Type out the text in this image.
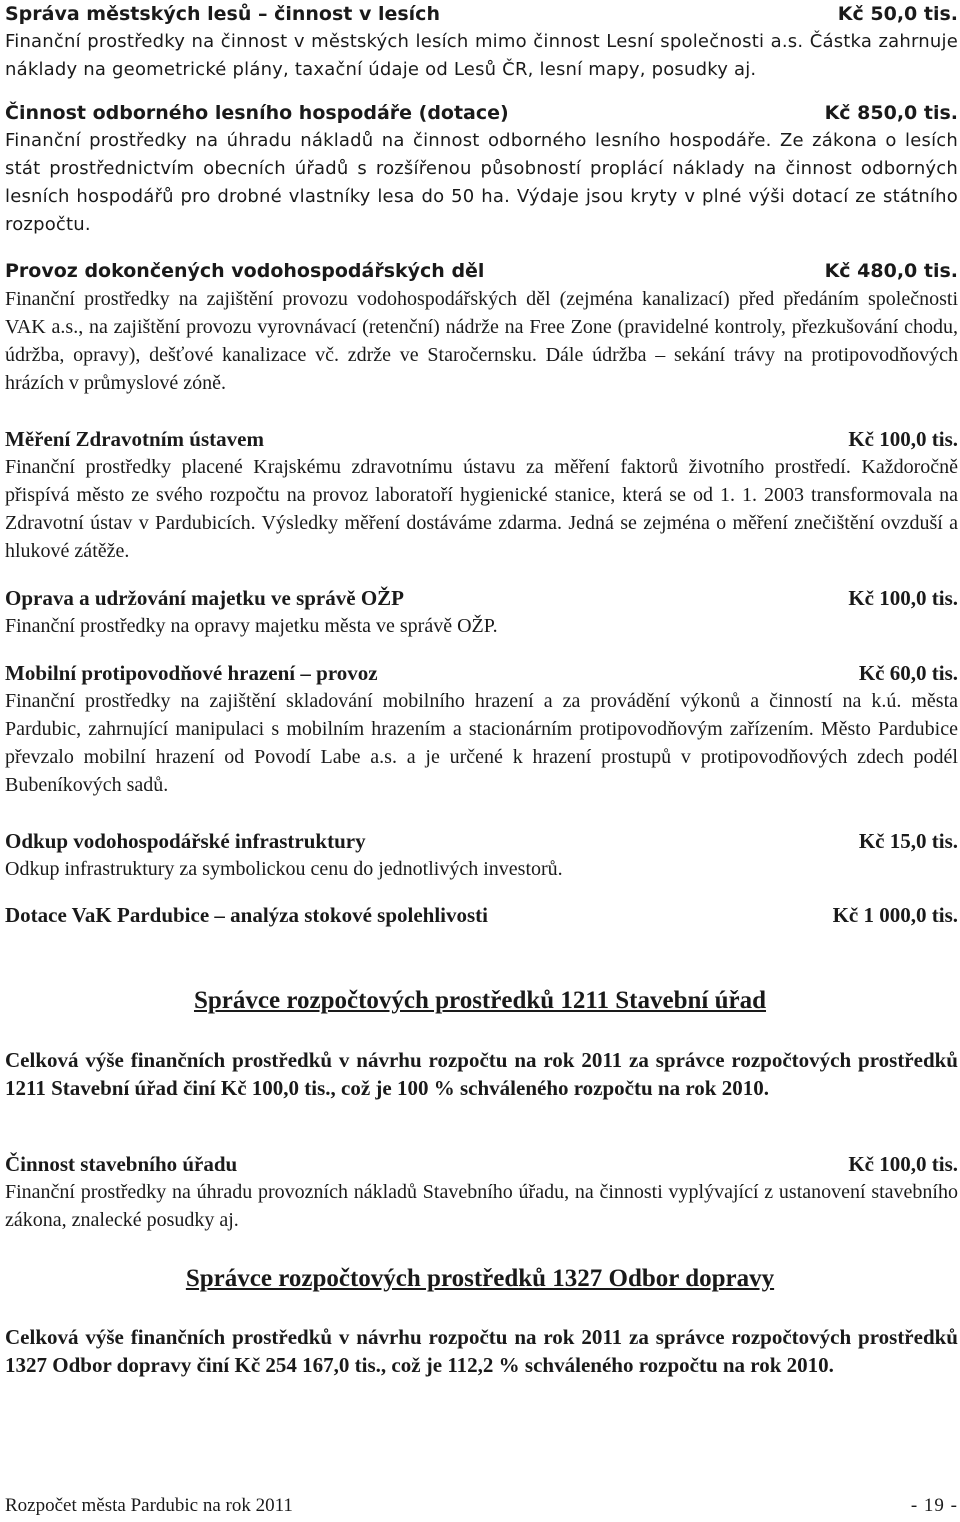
Správa městských lesů – činnost v lesích	Kč 50,0 tis.

Finanční prostředky na činnost v městských lesích mimo činnost Lesní společnosti a.s. Částka zahrnuje náklady na geometrické plány, taxační údaje od Lesů ČR, lesní mapy, posudky aj.

Činnost odborného lesního hospodáře (dotace)	Kč 850,0 tis.

Finanční prostředky na úhradu nákladů na činnost odborného lesního hospodáře. Ze zákona o lesích stát prostřednictvím obecních úřadů s rozšířenou působností proplácí náklady na činnost odborných lesních hospodářů pro drobné vlastníky lesa do 50 ha. Výdaje jsou kryty v plné výši dotací ze státního rozpočtu.

Provoz dokončených vodohospodářských děl	Kč 480,0 tis.

Finanční prostředky na zajištění provozu vodohospodářských děl (zejména kanalizací) před předáním společnosti VAK a.s., na zajištění provozu vyrovnávací (retenční) nádrže na Free Zone (pravidelné kontroly, přezkušování chodu, údržba, opravy), dešťové kanalizace vč. zdrže ve Staročernsku. Dále údržba – sekání trávy na protipovodňových hrázích v průmyslové zóně.

Měření Zdravotním ústavem	Kč 100,0 tis.

Finanční prostředky placené Krajskému zdravotnímu ústavu za měření faktorů životního prostředí. Každoročně přispívá město ze svého rozpočtu na provoz laboratoří hygienické stanice, která se od 1. 1. 2003 transformovala na Zdravotní ústav v Pardubicích. Výsledky měření dostáváme zdarma. Jedná se zejména o měření znečištění ovzduší a hlukové zátěže.

Oprava a udržování majetku ve správě OŽP	Kč 100,0 tis.

Finanční prostředky na opravy majetku města ve správě OŽP.

Mobilní protipovodňové hrazení – provoz	Kč 60,0 tis.

Finanční prostředky na zajištění skladování mobilního hrazení a za provádění výkonů a činností na k.ú. města Pardubic, zahrnující manipulaci s mobilním hrazením a stacionárním protipovodňovým zařízením. Město Pardubice převzalo mobilní hrazení od Povodí Labe a.s. a je určené k hrazení prostupů v protipovodňových zdech podél Bubeníkových sadů.

Odkup vodohospodářské infrastruktury	Kč 15,0 tis.

Odkup infrastruktury za symbolickou cenu do jednotlivých investorů.

Dotace VaK Pardubice – analýza stokové spolehlivosti	Kč 1 000,0 tis.
Správce rozpočtových prostředků 1211 Stavební úřad

Celková výše finančních prostředků v návrhu rozpočtu na rok 2011 za správce rozpočtových prostředků 1211 Stavební úřad činí Kč 100,0 tis., což je 100 % schváleného rozpočtu na rok 2010.

Činnost stavebního úřadu	Kč 100,0 tis.

Finanční prostředky na úhradu provozních nákladů Stavebního úřadu, na činnosti vyplývající z ustanovení stavebního zákona, znalecké posudky aj.

Správce rozpočtových prostředků 1327 Odbor dopravy

Celková výše finančních prostředků v návrhu rozpočtu na rok 2011 za správce rozpočtových prostředků 1327 Odbor dopravy činí Kč 254 167,0 tis., což je 112,2 % schváleného rozpočtu na rok 2010.

Rozpočet města Pardubic na rok 2011	- 19 -
